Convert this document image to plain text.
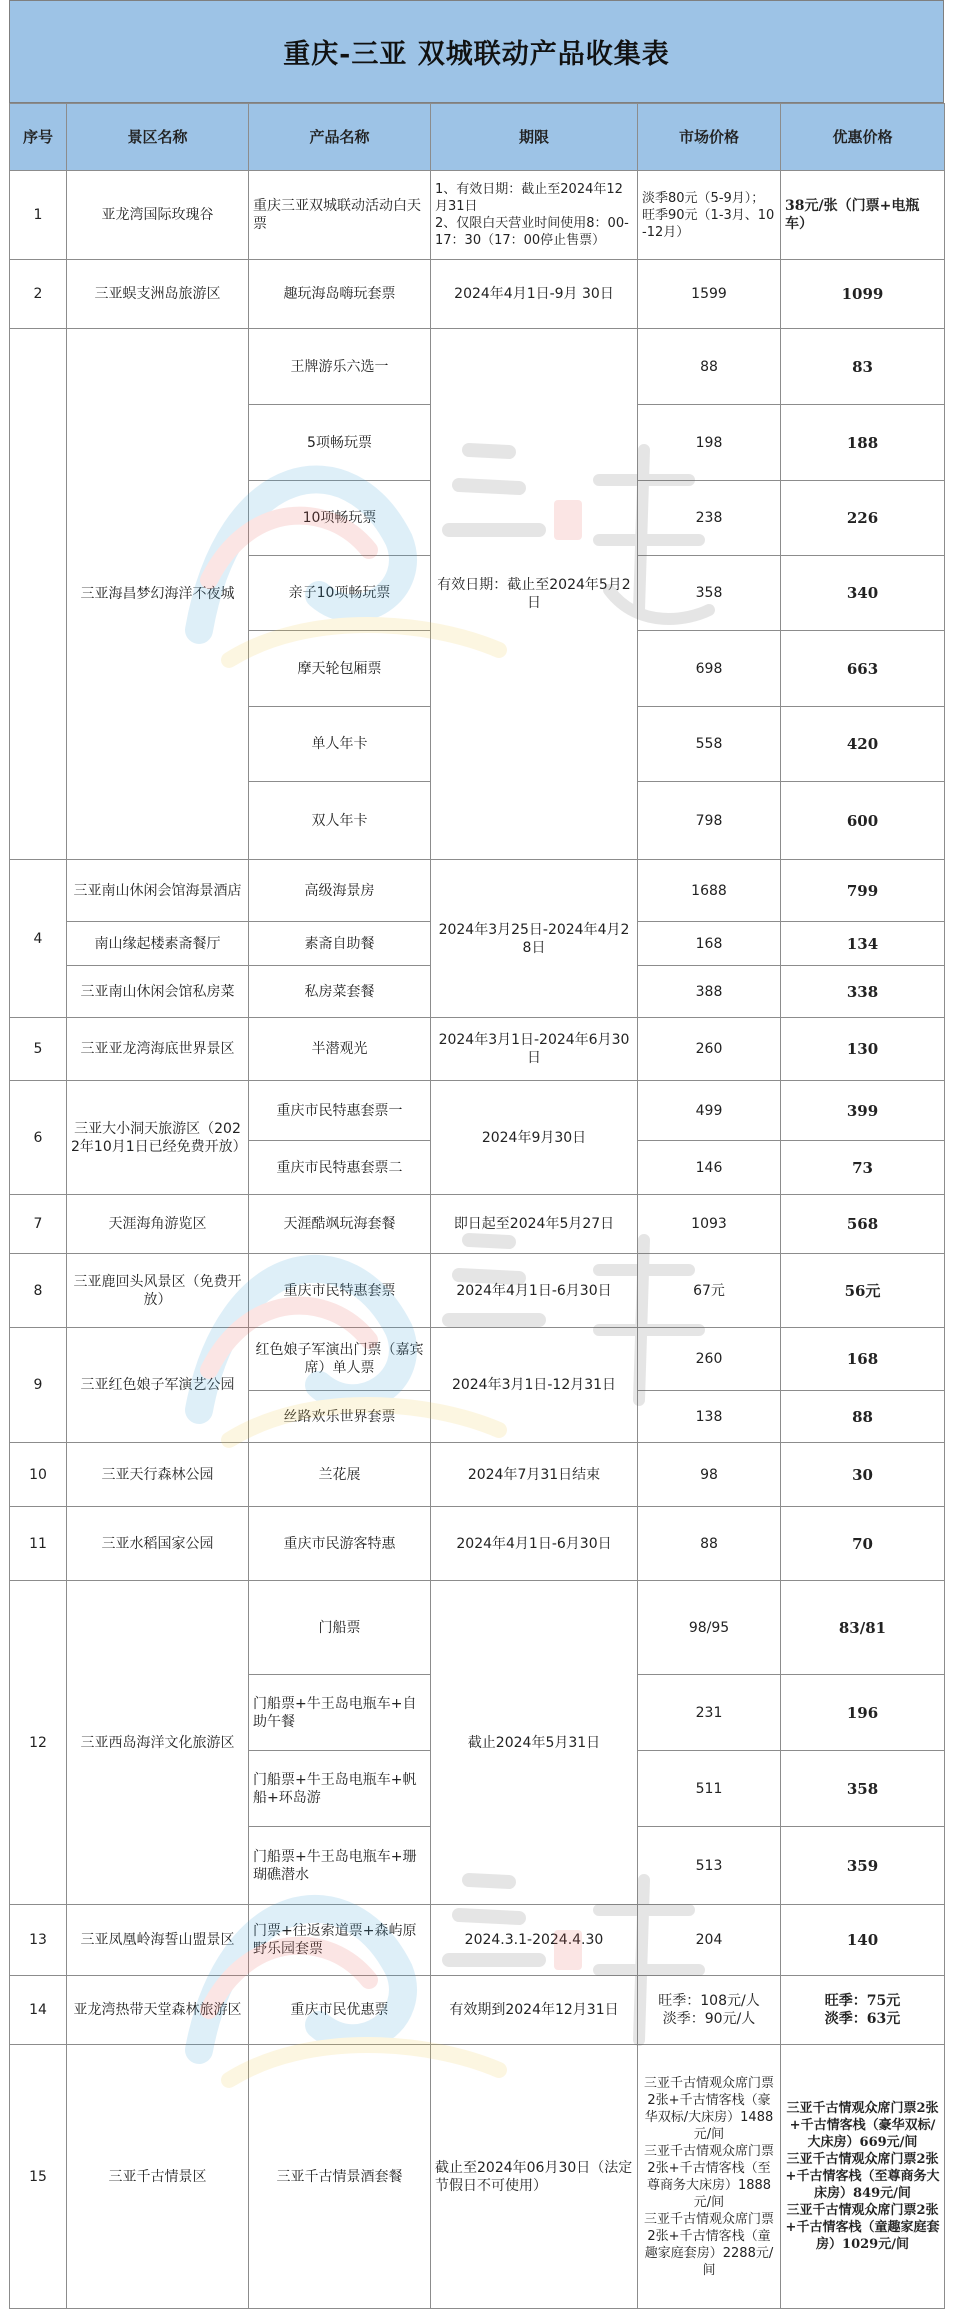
重庆-三亚 双城联动产品收集表
序号	景区名称	产品名称	期限	市场价格	优惠价格
1	亚龙湾国际玫瑰谷	重庆三亚双城联动活动白天票	1、有效日期：截止至2024年12月31日
2、仅限白天营业时间使用8：00-17：30（17：00停止售票）	淡季80元（5-9月）；
旺季90元（1-3月、10-12月）	38元/张（门票+电瓶车）
2	三亚蜈支洲岛旅游区	趣玩海岛嗨玩套票	2024年4月1日-9月 30日	1599	1099
	三亚海昌梦幻海洋不夜城	王牌游乐六选一	有效日期：截止至2024年5月2日	88	83
		5项畅玩票		198	188
		10项畅玩票		238	226
		亲子10项畅玩票		358	340
		摩天轮包厢票		698	663
		单人年卡		558	420
		双人年卡		798	600
4	三亚南山休闲会馆海景酒店	高级海景房	2024年3月25日-2024年4月28日	1688	799
	南山缘起楼素斋餐厅	素斋自助餐		168	134
	三亚南山休闲会馆私房菜	私房菜套餐		388	338
5	三亚亚龙湾海底世界景区	半潜观光	2024年3月1日-2024年6月30日	260	130
6	三亚大小洞天旅游区（2022年10月1日已经免费开放）	重庆市民特惠套票一	2024年9月30日	499	399
		重庆市民特惠套票二		146	73
7	天涯海角游览区	天涯酷飒玩海套餐	即日起至2024年5月27日	1093	568
8	三亚鹿回头风景区（免费开放）	重庆市民特惠套票	2024年4月1日-6月30日	67元	56元
9	三亚红色娘子军演艺公园	红色娘子军演出门票（嘉宾席）单人票	2024年3月1日-12月31日	260	168
		丝路欢乐世界套票		138	88
10	三亚天行森林公园	兰花展	2024年7月31日结束	98	30
11	三亚水稻国家公园	重庆市民游客特惠	2024年4月1日-6月30日	88	70
12	三亚西岛海洋文化旅游区	门船票	截止2024年5月31日	98/95	83/81
		门船票+牛王岛电瓶车+自助午餐		231	196
		门船票+牛王岛电瓶车+帆船+环岛游		511	358
		门船票+牛王岛电瓶车+珊瑚礁潜水		513	359
13	三亚凤凰岭海誓山盟景区	门票+往返索道票+森屿原野乐园套票	2024.3.1-2024.4.30	204	140
14	亚龙湾热带天堂森林旅游区	重庆市民优惠票	有效期到2024年12月31日	旺季：108元/人
淡季：90元/人	旺季：75元
淡季：63元
15	三亚千古情景区	三亚千古情景酒套餐	截止至2024年06月30日（法定节假日不可使用）	三亚千古情观众席门票2张+千古情客栈（豪华双标/大床房）1488元/间
三亚千古情观众席门票2张+千古情客栈（至尊商务大床房）1888元/间
三亚千古情观众席门票2张+千古情客栈（童趣家庭套房）2288元/间	三亚千古情观众席门票2张+千古情客栈（豪华双标/大床房）669元/间
三亚千古情观众席门票2张+千古情客栈（至尊商务大床房）849元/间
三亚千古情观众席门票2张+千古情客栈（童趣家庭套房）1029元/间
